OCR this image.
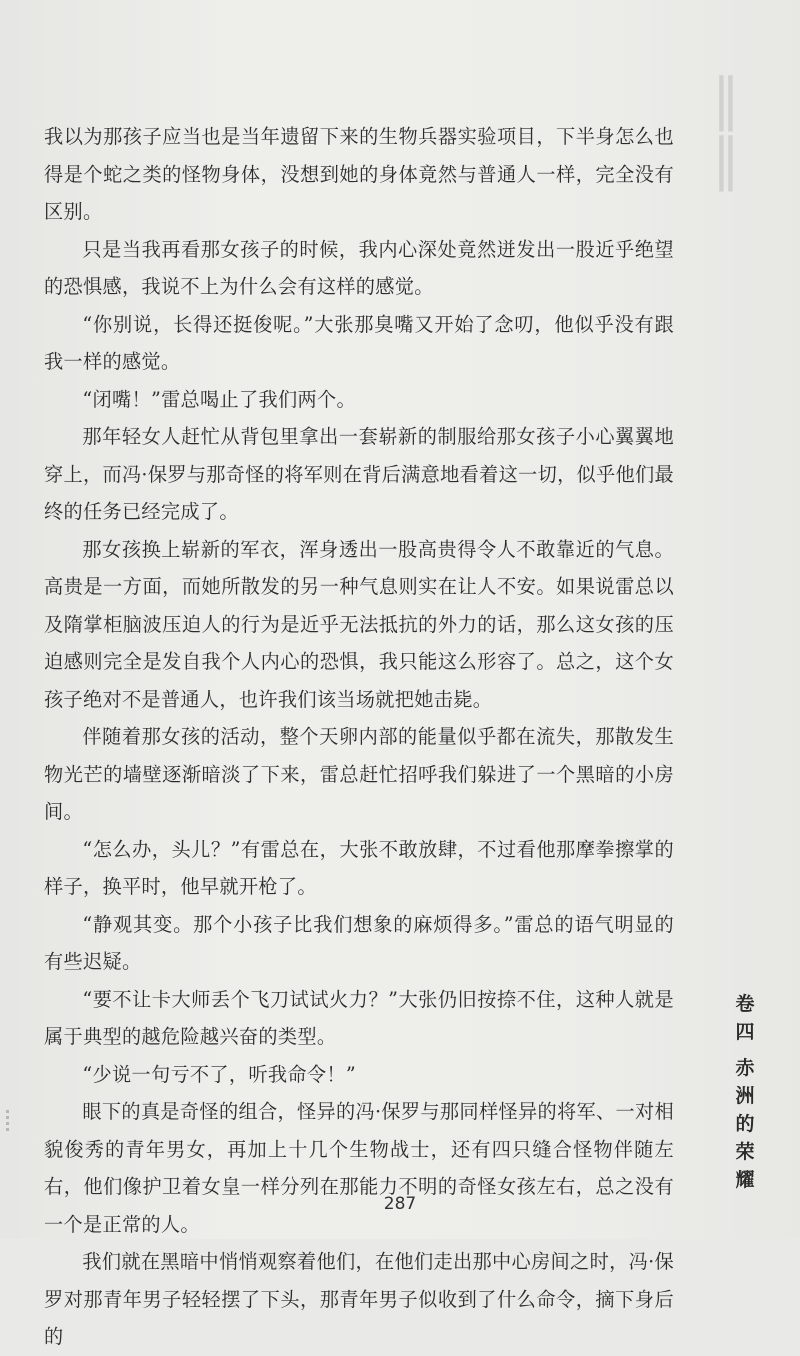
‖
‖

我以为那孩子应当也是当年遗留下来的生物兵器实验项目，下半身怎么也得是个蛇之类的怪物身体，没想到她的身体竟然与普通人一样，完全没有区别。

只是当我再看那女孩子的时候，我内心深处竟然迸发出一股近乎绝望的恐惧感，我说不上为什么会有这样的感觉。

“你别说，长得还挺俊呢。”大张那臭嘴又开始了念叨，他似乎没有跟我一样的感觉。

“闭嘴！”雷总喝止了我们两个。

那年轻女人赶忙从背包里拿出一套崭新的制服给那女孩子小心翼翼地穿上，而冯·保罗与那奇怪的将军则在背后满意地看着这一切，似乎他们最终的任务已经完成了。

那女孩换上崭新的军衣，浑身透出一股高贵得令人不敢靠近的气息。高贵是一方面，而她所散发的另一种气息则实在让人不安。如果说雷总以及隋掌柜脑波压迫人的行为是近乎无法抵抗的外力的话，那么这女孩的压迫感则完全是发自我个人内心的恐惧，我只能这么形容了。总之，这个女孩子绝对不是普通人，也许我们该当场就把她击毙。

伴随着那女孩的活动，整个天卵内部的能量似乎都在流失，那散发生物光芒的墙壁逐渐暗淡了下来，雷总赶忙招呼我们躲进了一个黑暗的小房间。

“怎么办，头儿？”有雷总在，大张不敢放肆，不过看他那摩拳擦掌的样子，换平时，他早就开枪了。

“静观其变。那个小孩子比我们想象的麻烦得多。”雷总的语气明显的有些迟疑。

“要不让卡大师丢个飞刀试试火力？”大张仍旧按捺不住，这种人就是属于典型的越危险越兴奋的类型。

“少说一句亏不了，听我命令！”

眼下的真是奇怪的组合，怪异的冯·保罗与那同样怪异的将军、一对相貌俊秀的青年男女，再加上十几个生物战士，还有四只缝合怪物伴随左右，他们像护卫着女皇一样分列在那能力不明的奇怪女孩左右，总之没有一个是正常的人。

我们就在黑暗中悄悄观察着他们，在他们走出那中心房间之时，冯·保罗对那青年男子轻轻摆了下头，那青年男子似收到了什么命令，摘下身后的

卷
四
赤
洲
的
荣
耀
287
